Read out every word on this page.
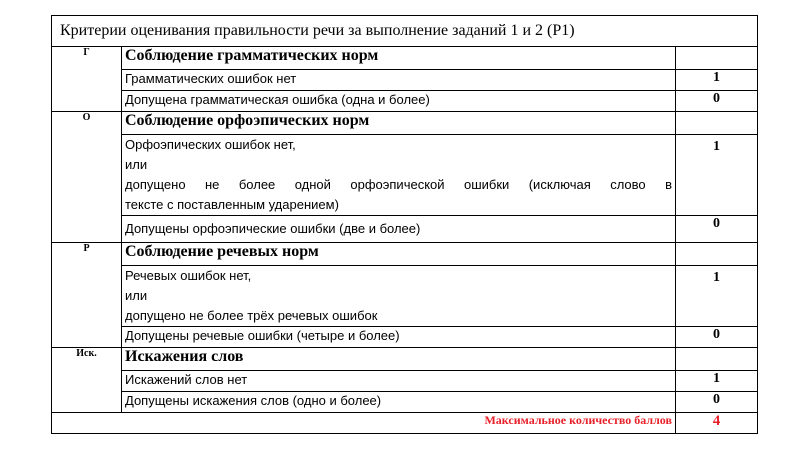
Критерии оценивания правильности речи за выполнение заданий 1 и 2 (Р1)		
Г	Соблюдение грамматических норм	
	Грамматических ошибок нет	1
	Допущена грамматическая ошибка (одна и более)	0
О	Соблюдение орфоэпических норм	

	Орфоэпических ошибок нет,
или
допущено не более одной орфоэпической ошибки (исключая слово в
тексте с поставленным ударением)	1
	Допущены орфоэпические ошибки (две и более)	0
Р	Соблюдение речевых норм	

	Речевых ошибок нет,
или
допущено не более трёх речевых ошибок	1
	Допущены речевые ошибки (четыре и более)	0
Иск.	Искажения слов	
	Искажений слов нет	1
	Допущены искажения слов (одно и более)	0
Максимальное количество баллов		4
